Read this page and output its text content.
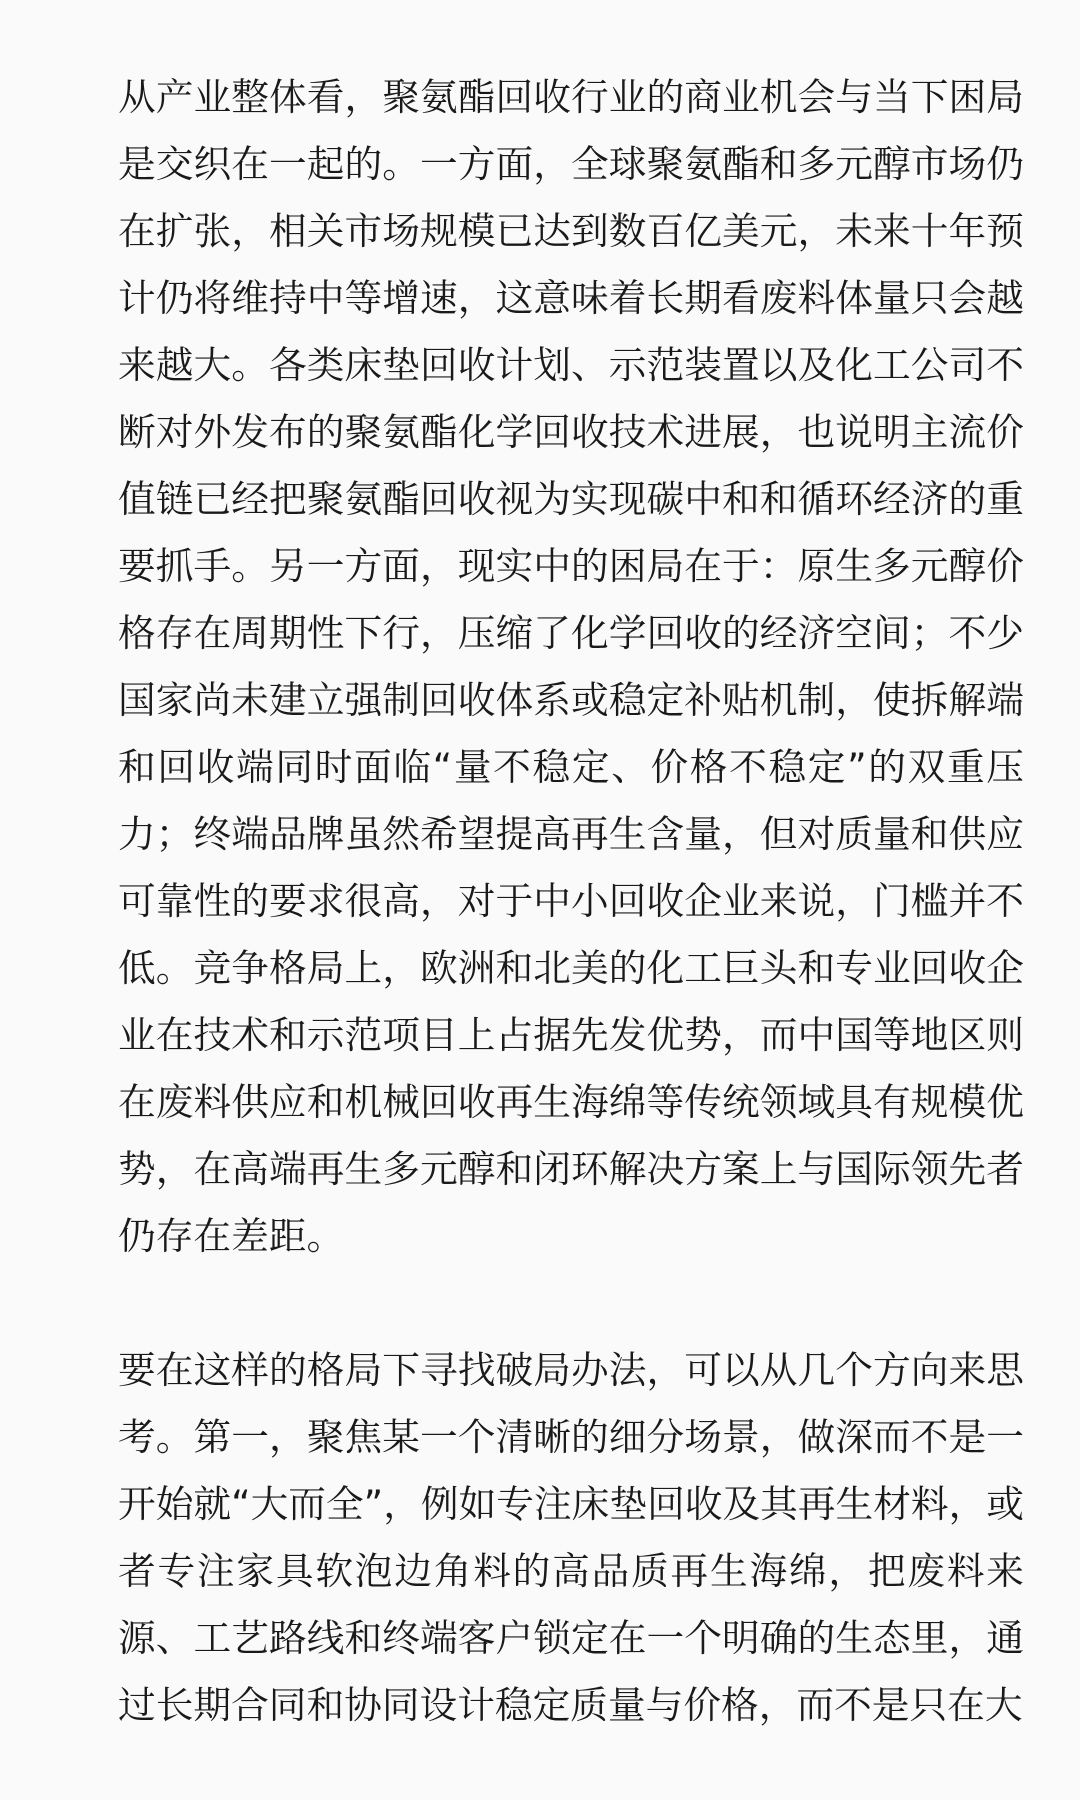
从产业整体看，聚氨酯回收行业的商业机会与当下困局是交织在一起的。一方面，全球聚氨酯和多元醇市场仍在扩张，相关市场规模已达到数百亿美元，未来十年预计仍将维持中等增速，这意味着长期看废料体量只会越来越大。各类床垫回收计划、示范装置以及化工公司不断对外发布的聚氨酯化学回收技术进展，也说明主流价值链已经把聚氨酯回收视为实现碳中和和循环经济的重要抓手。另一方面，现实中的困局在于：原生多元醇价格存在周期性下行，压缩了化学回收的经济空间；不少国家尚未建立强制回收体系或稳定补贴机制，使拆解端和回收端同时面临“量不稳定、价格不稳定”的双重压力；终端品牌虽然希望提高再生含量，但对质量和供应可靠性的要求很高，对于中小回收企业来说，门槛并不低。竞争格局上，欧洲和北美的化工巨头和专业回收企业在技术和示范项目上占据先发优势，而中国等地区则在废料供应和机械回收再生海绵等传统领域具有规模优势，在高端再生多元醇和闭环解决方案上与国际领先者仍存在差距。

要在这样的格局下寻找破局办法，可以从几个方向来思考。第一，聚焦某一个清晰的细分场景，做深而不是一开始就“大而全”，例如专注床垫回收及其再生材料，或者专注家具软泡边角料的高品质再生海绵，把废料来源、工艺路线和终端客户锁定在一个明确的生态里，通过长期合同和协同设计稳定质量与价格，而不是只在大
